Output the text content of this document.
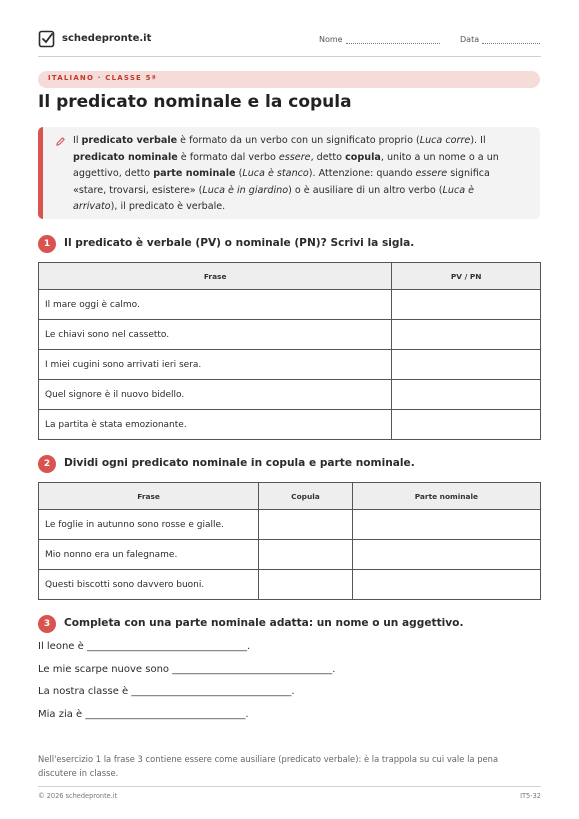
schedepronte.it	Nome	Data
ITALIANO · CLASSE 5ª
Il predicato nominale e la copula
Il predicato verbale è formato da un verbo con un significato proprio (Luca corre). Il
predicato nominale è formato dal verbo essere, detto copula, unito a un nome o a un
aggettivo, detto parte nominale (Luca è stanco). Attenzione: quando essere significa
«stare, trovarsi, esistere» (Luca è in giardino) o è ausiliare di un altro verbo (Luca è
arrivato), il predicato è verbale.
1	Il predicato è verbale (PV) o nominale (PN)? Scrivi la sigla.
Frase	PV / PN
Il mare oggi è calmo.	
Le chiavi sono nel cassetto.	
I miei cugini sono arrivati ieri sera.	
Quel signore è il nuovo bidello.	
La partita è stata emozionante.	
2	Dividi ogni predicato nominale in copula e parte nominale.
Frase	Copula	Parte nominale
Le foglie in autunno sono rosse e gialle.		
Mio nonno era un falegname.		
Questi biscotti sono davvero buoni.		
3	Completa con una parte nominale adatta: un nome o un aggettivo.
Il leone è ________________________________.
Le mie scarpe nuove sono ________________________________.
La nostra classe è ________________________________.
Mia zia è ________________________________.
Nell'esercizio 1 la frase 3 contiene essere come ausiliare (predicato verbale): è la trappola su cui vale la pena discutere in classe.
© 2026 schedepronte.it	IT5-32
